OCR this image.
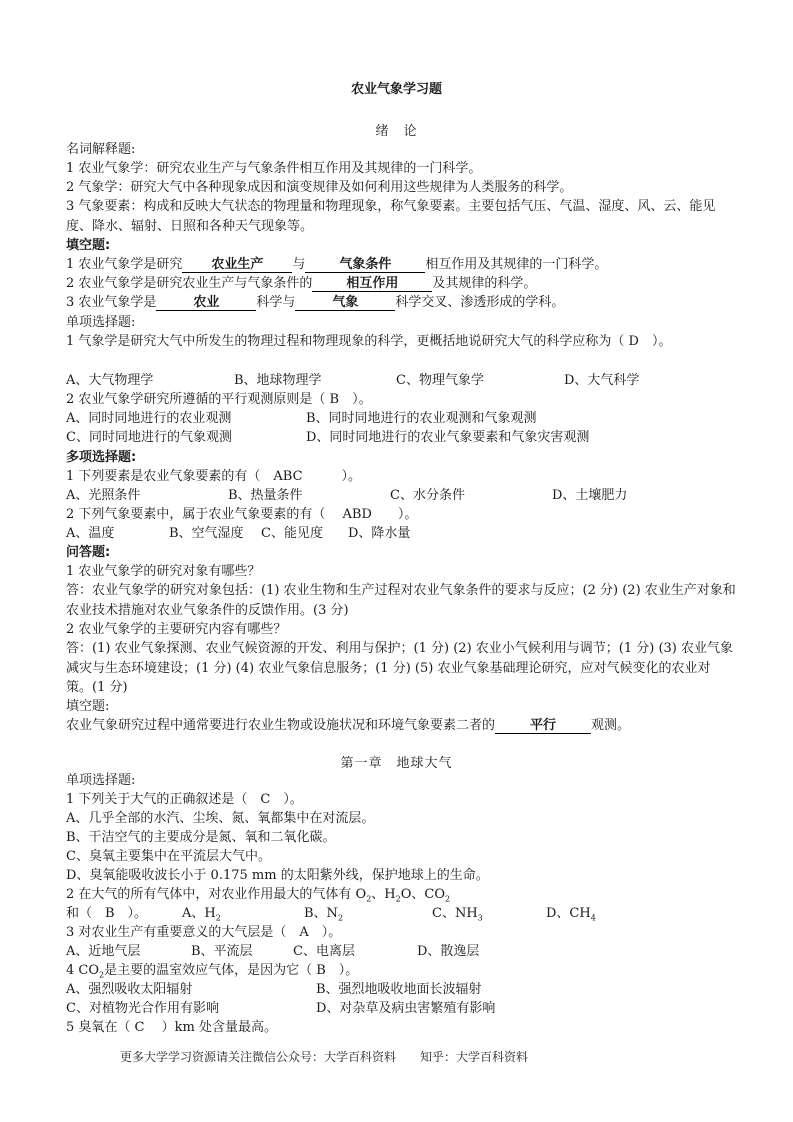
农业气象学习题
绪　论
名词解释题:
1 农业气象学：研究农业生产与气象条件相互作用及其规律的一门科学。
2 气象学：研究大气中各种现象成因和演变规律及如何利用这些规律为人类服务的科学。
3 气象要素：构成和反映大气状态的物理量和物理现象，称气象要素。主要包括气压、气温、湿度、风、云、能见度、降水、辐射、日照和各种天气现象等。
填空题:
1 农业气象学是研究 农业生产 与	气象条件	相互作用及其规律的一门科学。
2 农业气象学是研究农业生产与气象条件的	相互作用	及其规律的科学。
3 农业气象学是	农业	科学与	气象	科学交叉、渗透形成的学科。
单项选择题:
1 气象学是研究大气中所发生的物理过程和物理现象的科学，更概括地说研究大气的科学应称为（ D　）。
A、大气物理学	B、地球物理学	C、物理气象学	D、大气科学
2 农业气象学研究所遵循的平行观测原则是（ B　）。
A、同时同地进行的农业观测	B、同时同地进行的农业观测和气象观测
C、同时同地进行的气象观测	D、同时同地进行的农业气象要素和气象灾害观测
多项选择题:
1 下列要素是农业气象要素的有（　ABC　　　）。
A、光照条件	B、热量条件	C、水分条件	D、土壤肥力
2 下列气象要素中，属于农业气象要素的有（　 ABD　　）。
A、温度	B、空气湿度 C、能见度 D、降水量
问答题:
1 农业气象学的研究对象有哪些？
答：农业气象学的研究对象包括：(1) 农业生物和生产过程对农业气象条件的要求与反应；(2 分) (2) 农业生产对象和农业技术措施对农业气象条件的反馈作用。(3 分)
2 农业气象学的主要研究内容有哪些？
答：(1) 农业气象探测、农业气候资源的开发、利用与保护；(1 分) (2) 农业小气候利用与调节；(1 分) (3) 农业气象减灾与生态环境建设；(1 分) (4) 农业气象信息服务；(1 分) (5) 农业气象基础理论研究，应对气候变化的农业对策。(1 分)
填空题:
农业气象研究过程中通常要进行农业生物或设施状况和环境气象要素二者的	平行	观测。
第一章　地球大气
单项选择题:
1 下列关于大气的正确叙述是（　C　）。
A、几乎全部的水汽、尘埃、氮、氧都集中在对流层。
B、干洁空气的主要成分是氮、氧和二氧化碳。
C、臭氧主要集中在平流层大气中。
D、臭氧能吸收波长小于 0.175 mm 的太阳紫外线，保护地球上的生命。
2 在大气的所有气体中，对农业作用最大的气体有 $O_2$、$H_2O$、$CO_2$
和（　B　）。	A、$H_2$	B、$N_2$	C、$NH_3$	D、$CH_4$
3 对农业生产有重要意义的大气层是（　A　）。
A、近地气层	B、平流层	C、电离层	D、散逸层
4 $CO_2$是主要的温室效应气体，是因为它（ B　）。
A、强烈吸收太阳辐射	B、强烈地吸收地面长波辐射
C、对植物光合作用有影响	D、对杂草及病虫害繁殖有影响
5 臭氧在（ C　 ）km 处含量最高。
更多大学学习资源请关注微信公众号：大学百科资料 知乎：大学百科资料
